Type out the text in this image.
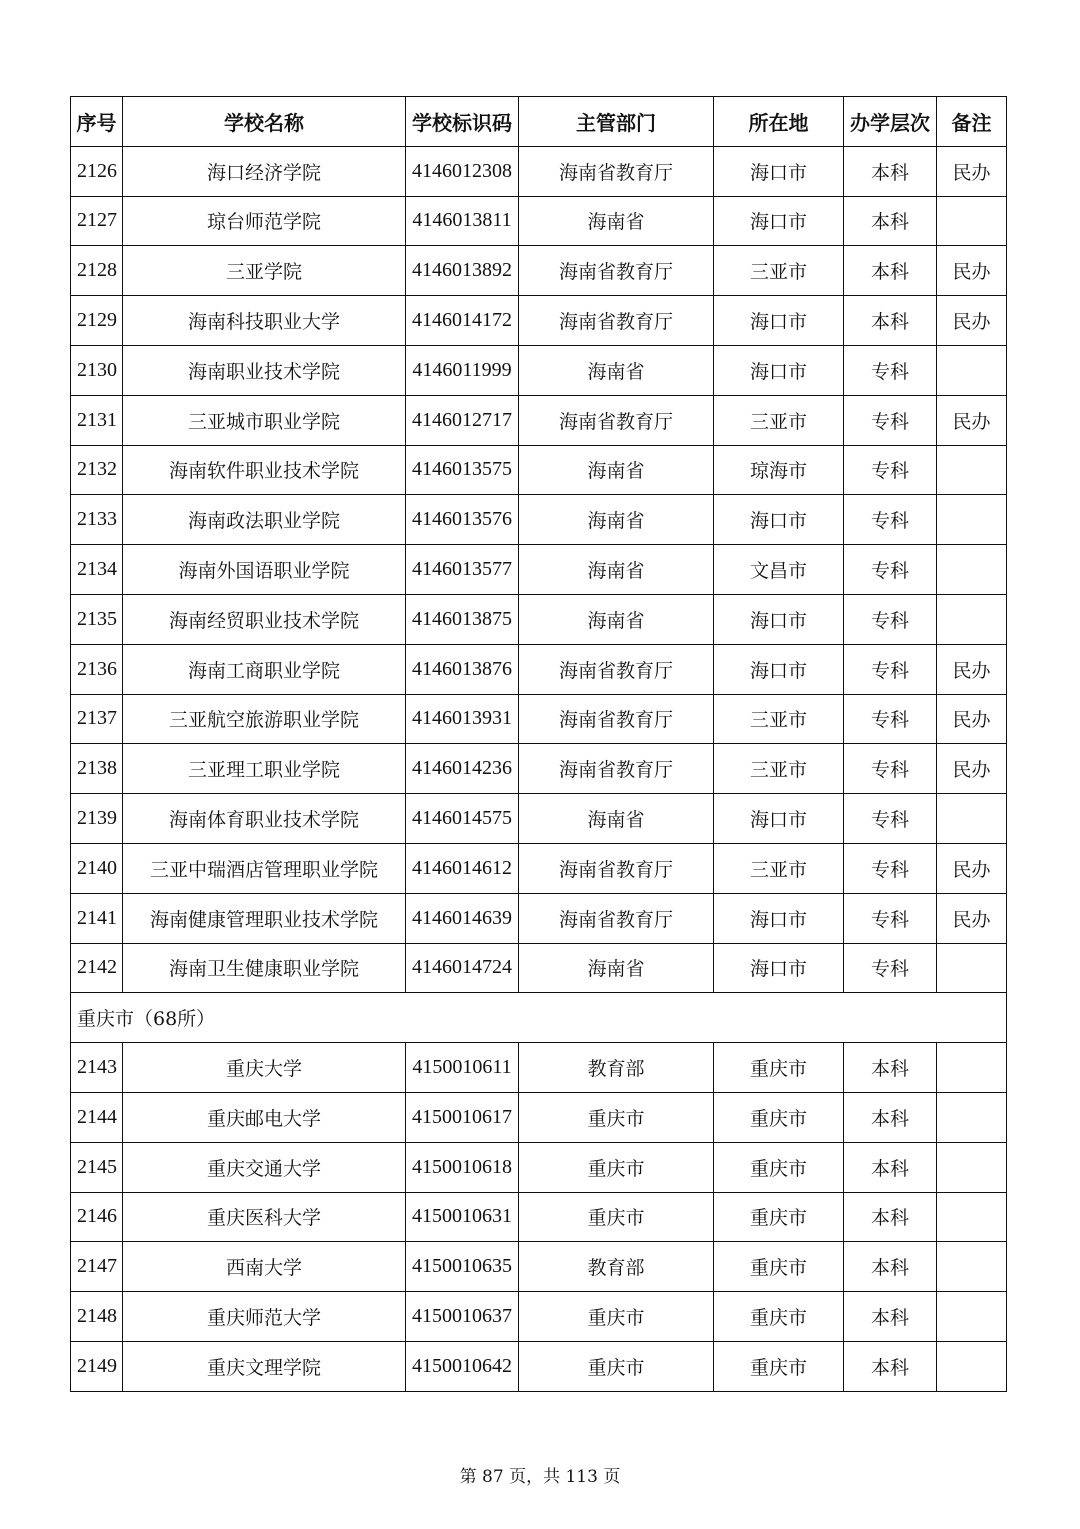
序号	学校名称	学校标识码	主管部门	所在地	办学层次	备注
2126	海口经济学院	4146012308	海南省教育厅	海口市	本科	民办
2127	琼台师范学院	4146013811	海南省	海口市	本科	
2128	三亚学院	4146013892	海南省教育厅	三亚市	本科	民办
2129	海南科技职业大学	4146014172	海南省教育厅	海口市	本科	民办
2130	海南职业技术学院	4146011999	海南省	海口市	专科	
2131	三亚城市职业学院	4146012717	海南省教育厅	三亚市	专科	民办
2132	海南软件职业技术学院	4146013575	海南省	琼海市	专科	
2133	海南政法职业学院	4146013576	海南省	海口市	专科	
2134	海南外国语职业学院	4146013577	海南省	文昌市	专科	
2135	海南经贸职业技术学院	4146013875	海南省	海口市	专科	
2136	海南工商职业学院	4146013876	海南省教育厅	海口市	专科	民办
2137	三亚航空旅游职业学院	4146013931	海南省教育厅	三亚市	专科	民办
2138	三亚理工职业学院	4146014236	海南省教育厅	三亚市	专科	民办
2139	海南体育职业技术学院	4146014575	海南省	海口市	专科	
2140	三亚中瑞酒店管理职业学院	4146014612	海南省教育厅	三亚市	专科	民办
2141	海南健康管理职业技术学院	4146014639	海南省教育厅	海口市	专科	民办
2142	海南卫生健康职业学院	4146014724	海南省	海口市	专科	
重庆市（68所）						
2143	重庆大学	4150010611	教育部	重庆市	本科	
2144	重庆邮电大学	4150010617	重庆市	重庆市	本科	
2145	重庆交通大学	4150010618	重庆市	重庆市	本科	
2146	重庆医科大学	4150010631	重庆市	重庆市	本科	
2147	西南大学	4150010635	教育部	重庆市	本科	
2148	重庆师范大学	4150010637	重庆市	重庆市	本科	
2149	重庆文理学院	4150010642	重庆市	重庆市	本科	
第 87 页，共 113 页
